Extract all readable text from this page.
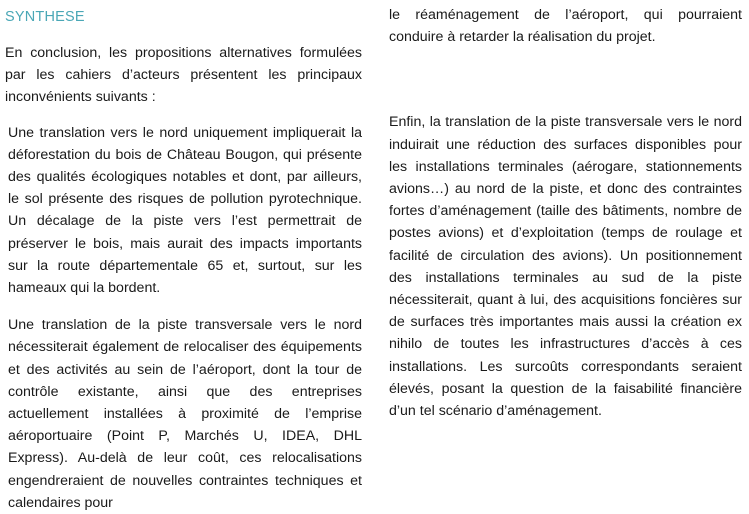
SYNTHESE

En conclusion, les propositions alternatives formulées par les cahiers d’acteurs présentent les principaux inconvénients suivants :

Une translation vers le nord uniquement impliquerait la déforestation du bois de Château Bougon, qui présente des qualités écologiques notables et dont, par ailleurs, le sol présente des risques de pollution pyrotechnique. Un décalage de la piste vers l’est permettrait de préserver le bois, mais aurait des impacts importants sur la route départementale 65 et, surtout, sur les hameaux qui la bordent.

Une translation de la piste transversale vers le nord nécessiterait également de relocaliser des équipements et des activités au sein de l’aéroport, dont la tour de contrôle existante, ainsi que des entreprises actuellement installées à proximité de l’emprise aéroportuaire (Point P, Marchés U, IDEA, DHL Express). Au-delà de leur coût, ces relocalisations engendreraient de nouvelles contraintes techniques et calendaires pour

le réaménagement de l’aéroport, qui pourraient conduire à retarder la réalisation du projet.

Enfin, la translation de la piste transversale vers le nord induirait une réduction des surfaces disponibles pour les installations terminales (aérogare, stationnements avions…) au nord de la piste, et donc des contraintes fortes d’aménagement (taille des bâtiments, nombre de postes avions) et d’exploitation (temps de roulage et facilité de circulation des avions). Un positionnement des installations terminales au sud de la piste nécessiterait, quant à lui, des acquisitions foncières sur de surfaces très importantes mais aussi la création ex nihilo de toutes les infrastructures d’accès à ces installations. Les surcoûts correspondants seraient élevés, posant la question de la faisabilité financière d’un tel scénario d’aménagement.
